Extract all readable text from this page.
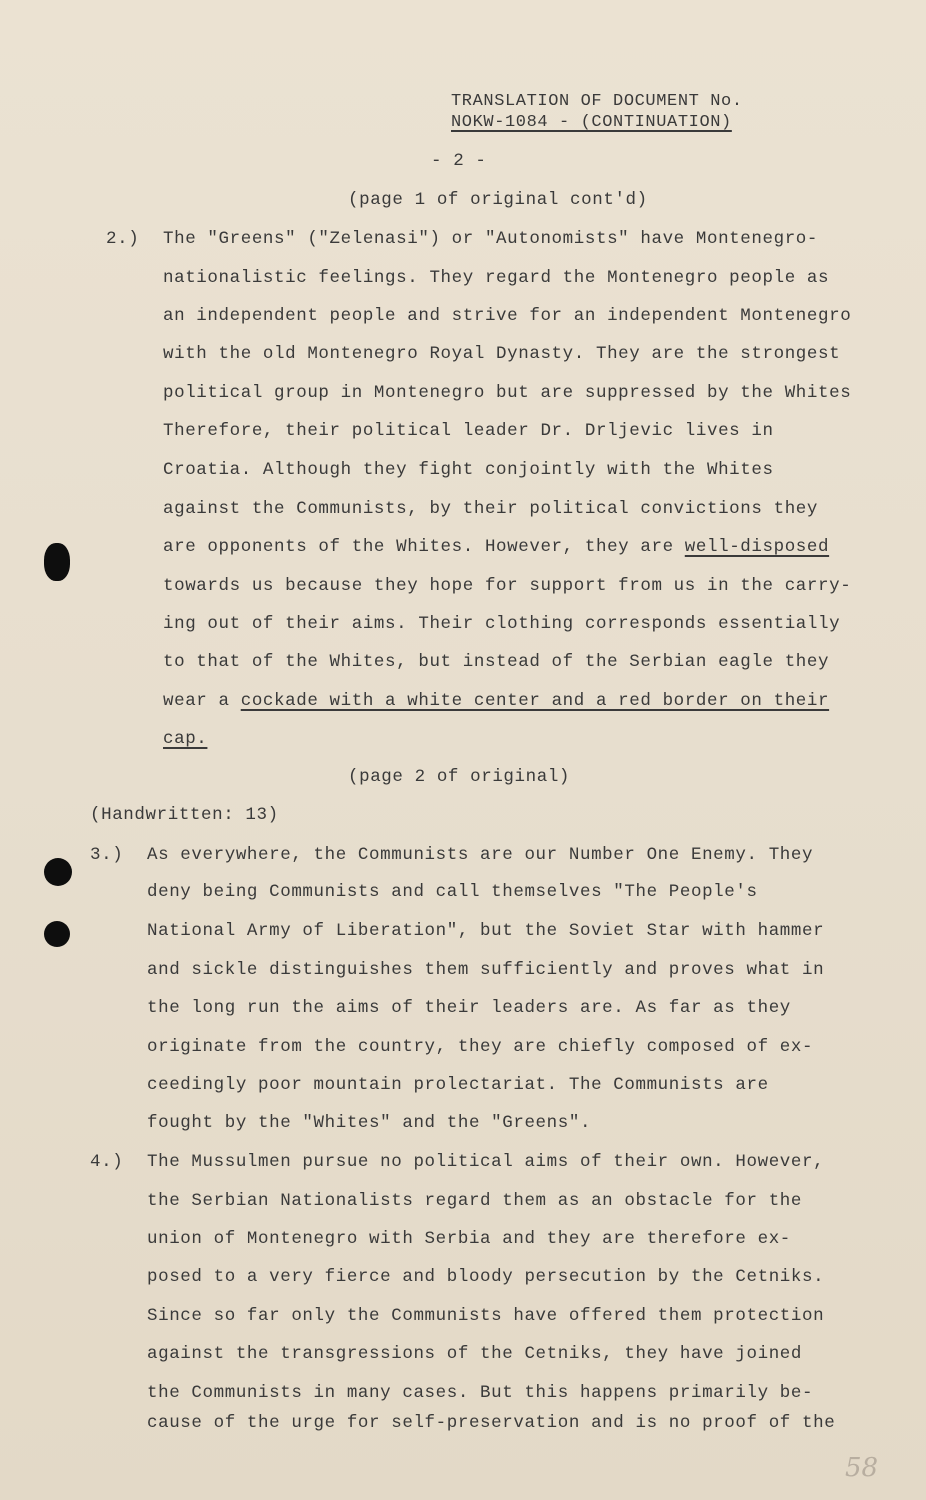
TRANSLATION OF DOCUMENT No.
NOKW-1084 - (CONTINUATION)
- 2 -
(page 1 of original cont'd)
2.) The "Greens" ("Zelenasi") or "Autonomists" have Montenegro-
nationalistic feelings. They regard the Montenegro people as
an independent people and strive for an independent Montenegro
with the old Montenegro Royal Dynasty. They are the strongest
political group in Montenegro but are suppressed by the Whites
Therefore, their political leader Dr. Drljevic lives in
Croatia. Although they fight conjointly with the Whites
against the Communists, by their political convictions they
are opponents of the Whites. However, they are well-disposed
towards us because they hope for support from us in the carry-
ing out of their aims. Their clothing corresponds essentially
to that of the Whites, but instead of the Serbian eagle they
wear a cockade with a white center and a red border on their
cap.
(page 2 of original)
(Handwritten: 13)
3.) As everywhere, the Communists are our Number One Enemy. They
deny being Communists and call themselves "The People's
National Army of Liberation", but the Soviet Star with hammer
and sickle distinguishes them sufficiently and proves what in
the long run the aims of their leaders are. As far as they
originate from the country, they are chiefly composed of ex-
ceedingly poor mountain prolectariat. The Communists are
fought by the "Whites" and the "Greens".
4.) The Mussulmen pursue no political aims of their own. However,
the Serbian Nationalists regard them as an obstacle for the
union of Montenegro with Serbia and they are therefore ex-
posed to a very fierce and bloody persecution by the Cetniks.
Since so far only the Communists have offered them protection
against the transgressions of the Cetniks, they have joined
the Communists in many cases. But this happens primarily be-
cause of the urge for self-preservation and is no proof of the
58
